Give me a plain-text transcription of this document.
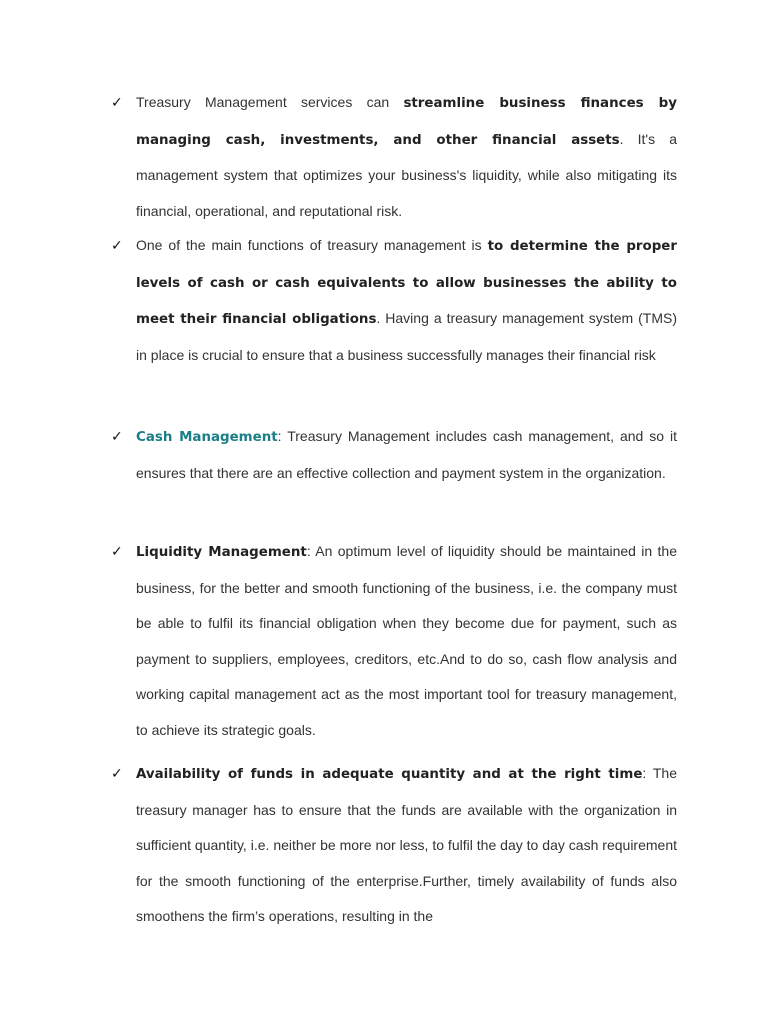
✓ Treasury Management services can streamline business finances by managing cash, investments, and other financial assets. It's a management system that optimizes your business's liquidity, while also mitigating its financial, operational, and reputational risk.
✓ One of the main functions of treasury management is to determine the proper levels of cash or cash equivalents to allow businesses the ability to meet their financial obligations. Having a treasury management system (TMS) in place is crucial to ensure that a business successfully manages their financial risk
✓ Cash Management: Treasury Management includes cash management, and so it ensures that there are an effective collection and payment system in the organization.
✓ Liquidity Management: An optimum level of liquidity should be maintained in the business, for the better and smooth functioning of the business, i.e. the company must be able to fulfil its financial obligation when they become due for payment, such as payment to suppliers, employees, creditors, etc.And to do so, cash flow analysis and working capital management act as the most important tool for treasury management, to achieve its strategic goals.
✓ Availability of funds in adequate quantity and at the right time: The treasury manager has to ensure that the funds are available with the organization in sufficient quantity, i.e. neither be more nor less, to fulfil the day to day cash requirement for the smooth functioning of the enterprise.Further, timely availability of funds also smoothens the firm’s operations, resulting in the
